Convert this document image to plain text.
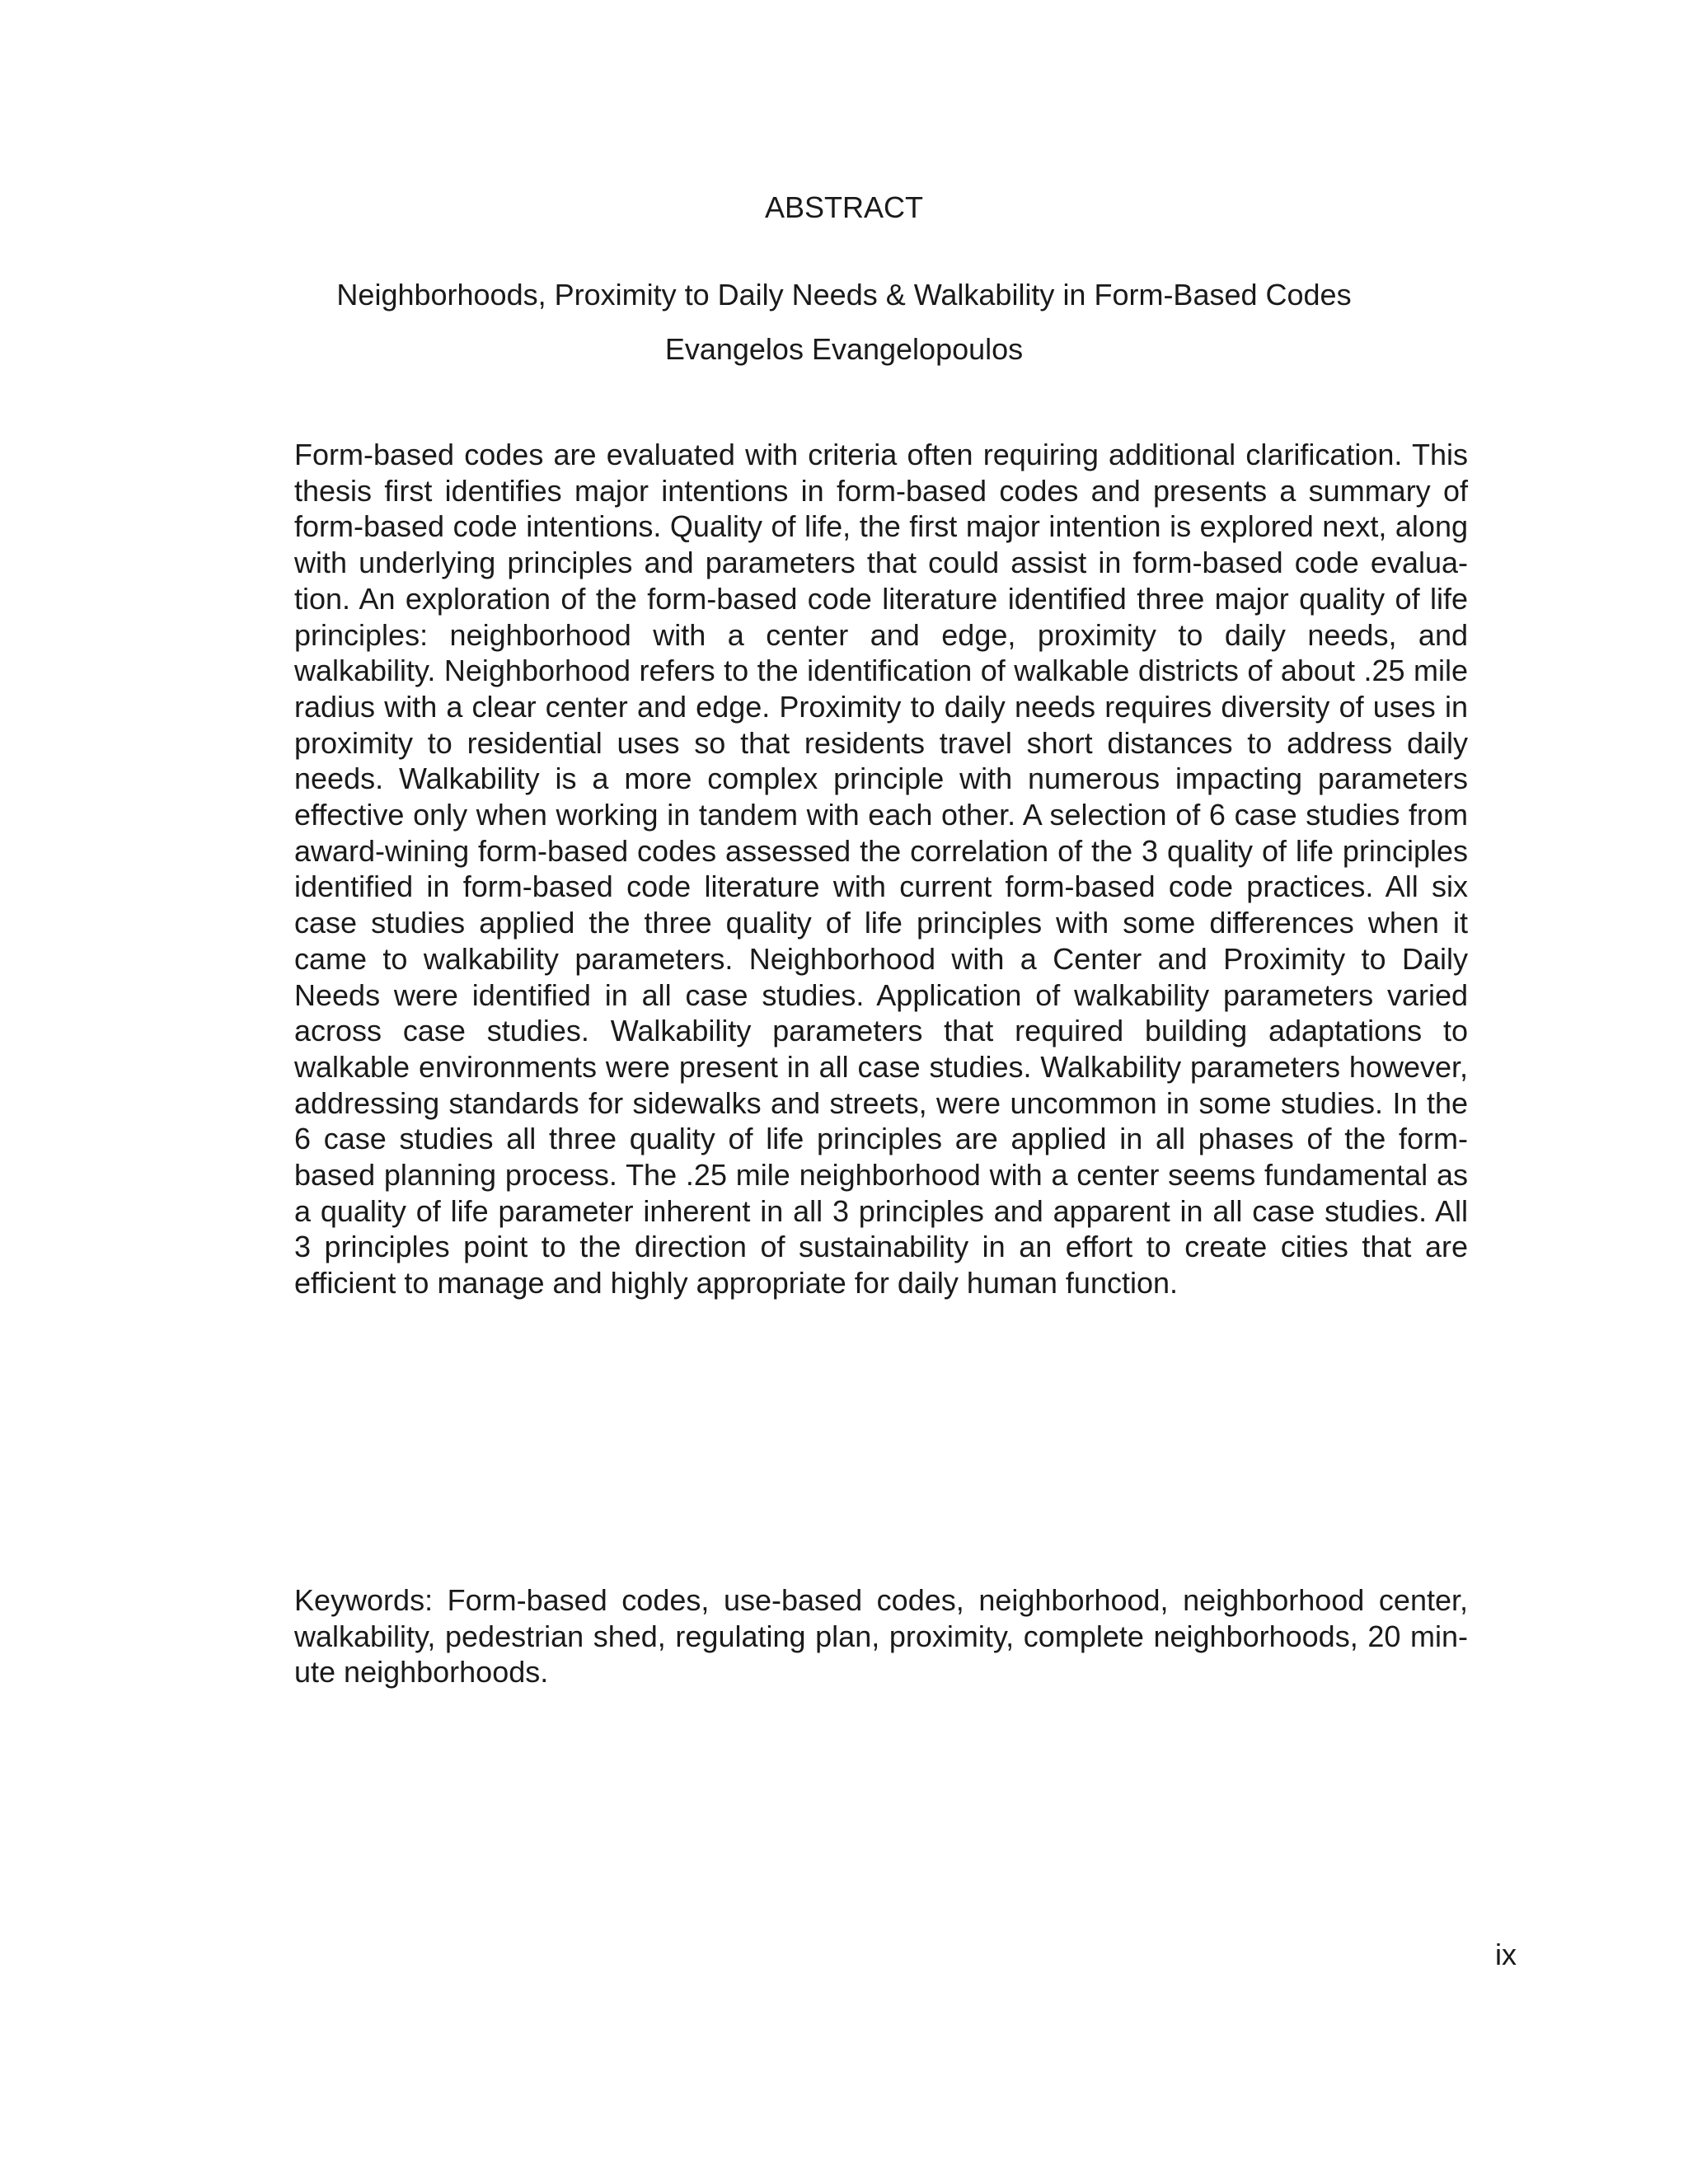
ABSTRACT
Neighborhoods, Proximity to Daily Needs & Walkability in Form-Based Codes
Evangelos Evangelopoulos

Form-based codes are evaluated with criteria often requiring additional clarification. This thesis first identifies major intentions in form-based codes and presents a summary of form-based code intentions. Quality of life, the first major intention is explored next, along with underlying principles and parameters that could assist in form-based code evaluation. An exploration of the form-based code literature identified three major quality of life principles: neighborhood with a center and edge, proximity to daily needs, and walkability. Neighborhood refers to the identification of walkable districts of about .25 mile radius with a clear center and edge. Proximity to daily needs requires diversity of uses in proximity to residential uses so that residents travel short distances to address daily needs. Walkability is a more complex principle with numerous impacting parameters effective only when working in tandem with each other. A selection of 6 case studies from award-wining form-based codes assessed the correlation of the 3 quality of life principles identified in form-based code literature with current form-based code practices. All six case studies applied the three quality of life principles with some differences when it came to walkability parameters. Neighborhood with a Center and Proximity to Daily Needs were identified in all case studies. Application of walkability parameters varied across case studies. Walkability parameters that required building adaptations to walkable environments were present in all case studies. Walkability parameters however, addressing standards for sidewalks and streets, were uncommon in some studies. In the 6 case studies all three quality of life principles are applied in all phases of the form-based planning process. The .25 mile neighborhood with a center seems fundamental as a quality of life parameter inherent in all 3 principles and apparent in all case studies. All 3 principles point to the direction of sustainability in an effort to create cities that are efficient to manage and highly appropriate for daily human function.

Keywords: Form-based codes, use-based codes, neighborhood, neighborhood center, walkability, pedestrian shed, regulating plan, proximity, complete neighborhoods, 20 minute neighborhoods.

ix
